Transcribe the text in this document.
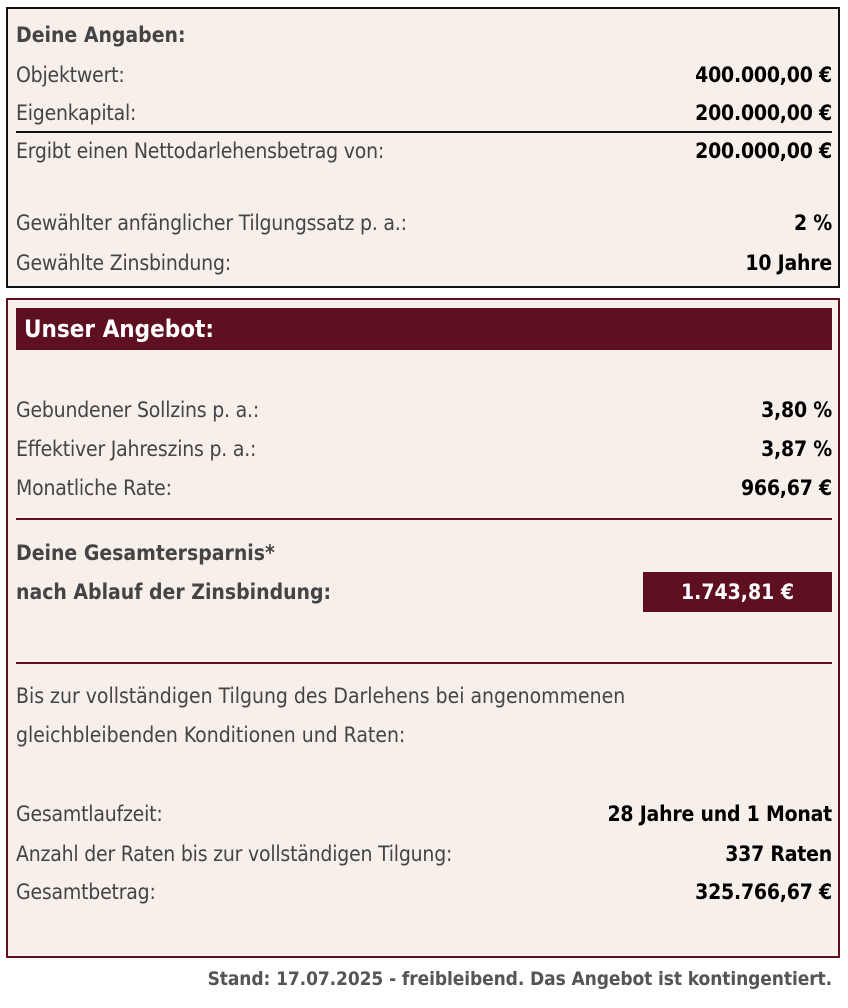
Deine Angaben:
Objektwert:	400.000,00 €
Eigenkapital:	200.000,00 €
Ergibt einen Nettodarlehensbetrag von:	200.000,00 €
Gewählter anfänglicher Tilgungssatz p. a.:	2 %
Gewählte Zinsbindung:	10 Jahre
Unser Angebot:
Gebundener Sollzins p. a.:	3,80 %
Effektiver Jahreszins p. a.:	3,87 %
Monatliche Rate:	966,67 €
Deine Gesamtersparnis*
nach Ablauf der Zinsbindung:	1.743,81 €
Bis zur vollständigen Tilgung des Darlehens bei angenommenen
gleichbleibenden Konditionen und Raten:
Gesamtlaufzeit:	28 Jahre und 1 Monat
Anzahl der Raten bis zur vollständigen Tilgung:	337 Raten
Gesamtbetrag:	325.766,67 €
Stand: 17.07.2025 - freibleibend. Das Angebot ist kontingentiert.
